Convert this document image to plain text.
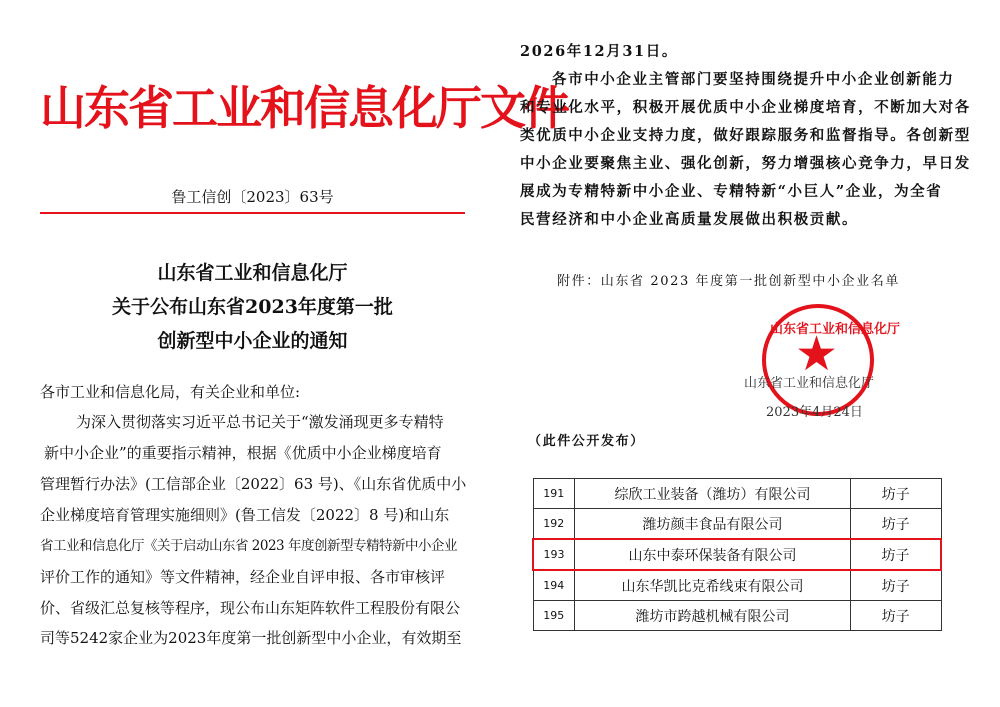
山东省工业和信息化厅文件
鲁工信创〔2023〕63号
山东省工业和信息化厅
关于公布山东省2023年度第一批
创新型中小企业的通知
各市工业和信息化局，有关企业和单位:
为深入贯彻落实习近平总书记关于“激发涌现更多专精特
新中小企业”的重要指示精神，根据《优质中小企业梯度培育
管理暂行办法》(工信部企业〔2022〕63 号)、《山东省优质中小
企业梯度培育管理实施细则》(鲁工信发〔2022〕8 号)和山东
省工业和信息化厅《关于启动山东省 2023 年度创新型专精特新中小企业
评价工作的通知》等文件精神，经企业自评申报、各市审核评
价、省级汇总复核等程序，现公布山东矩阵软件工程股份有限公
司等5242家企业为2023年度第一批创新型中小企业，有效期至
2026年12月31日。
各市中小企业主管部门要坚持围绕提升中小企业创新能力
和专业化水平，积极开展优质中小企业梯度培育，不断加大对各
类优质中小企业支持力度，做好跟踪服务和监督指导。各创新型
中小企业要聚焦主业、强化创新，努力增强核心竞争力，早日发
展成为专精特新中小企业、专精特新“小巨人”企业，为全省
民营经济和中小企业高质量发展做出积极贡献。
附件：山东省 2023 年度第一批创新型中小企业名单
山东省工业和信息化厅
★
山东省工业和信息化厅
2023年4月24日
（此件公开发布）
191	综欣工业装备（潍坊）有限公司	坊子
192	潍坊颜丰食品有限公司	坊子
193	山东中泰环保装备有限公司	坊子
194	山东华凯比克希线束有限公司	坊子
195	潍坊市跨越机械有限公司	坊子
